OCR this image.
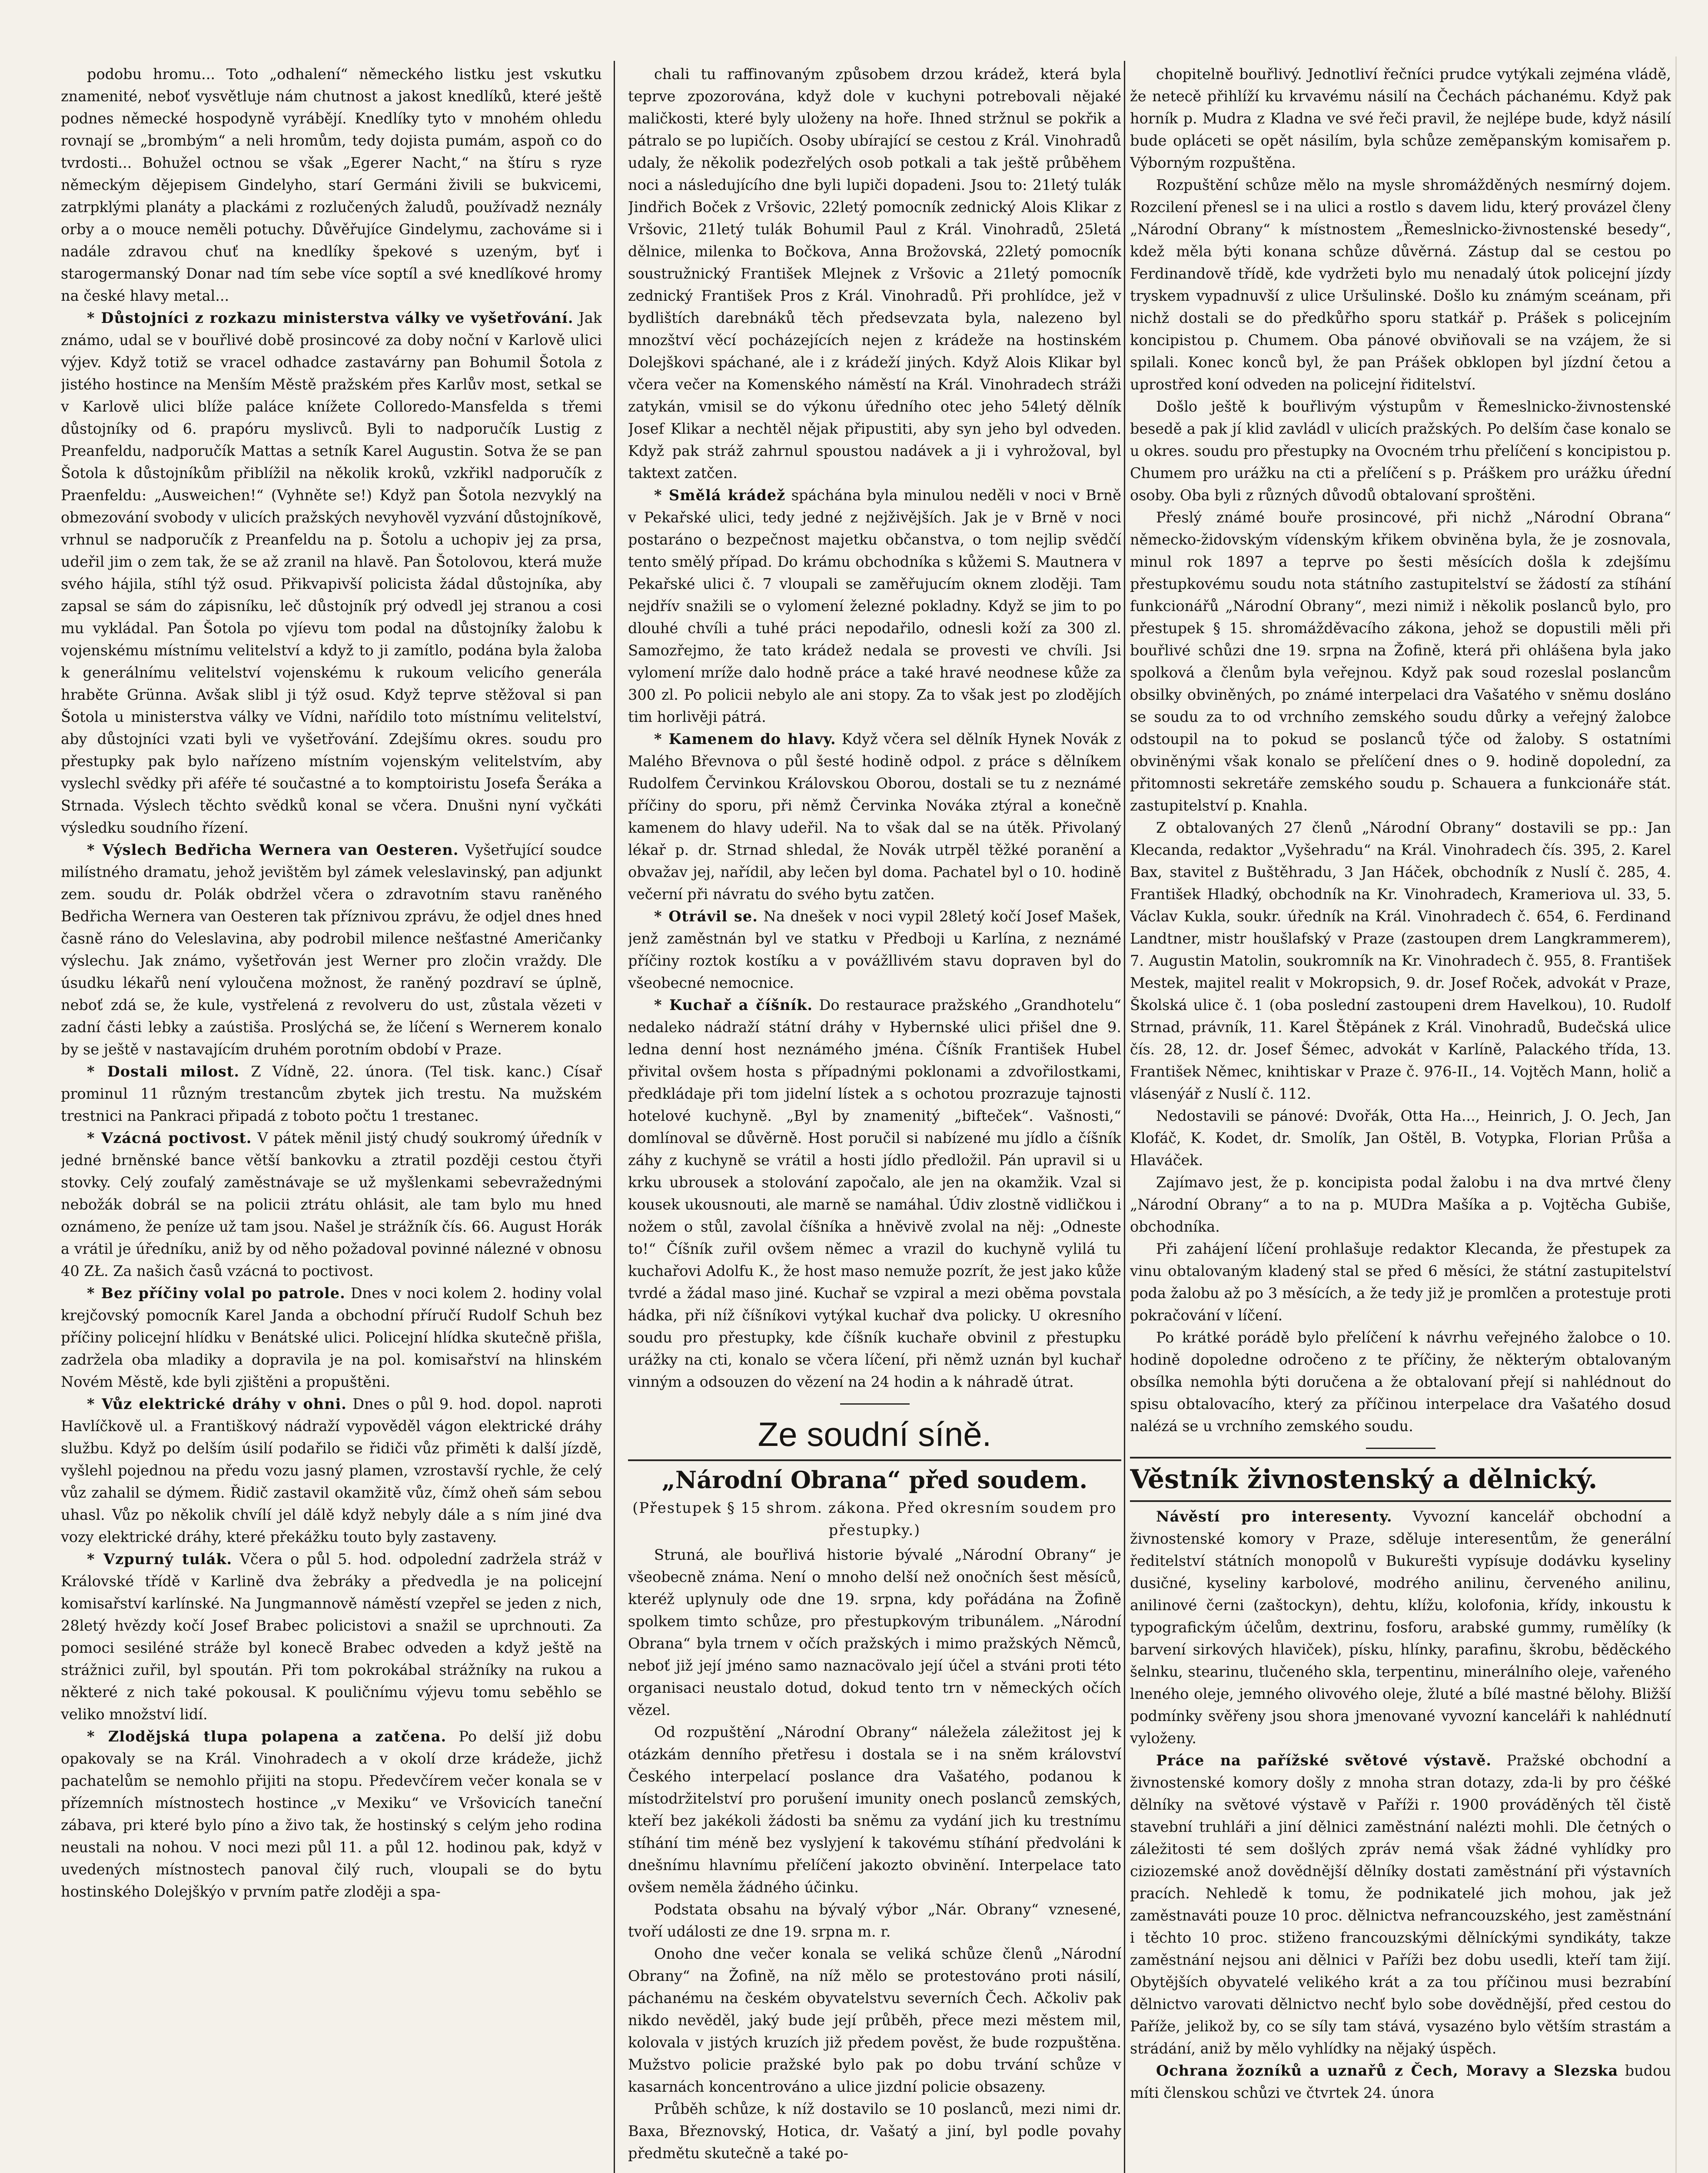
podobu hromu... Toto „odhalení“ německého listku jest vskutku znamenité, neboť vysvětluje nám chutnost a jakost knedlíků, které ještě podnes německé hospodyně vyrábějí. Knedlíky tyto v mnohém ohledu rovnají se „brombým“ a neli hromům, tedy dojista pumám, aspoň co do tvrdosti... Bohužel octnou se však „Egerer Nacht,“ na štíru s ryze německým dějepisem Gindelyho, starí Germáni živili se bukvicemi, zatrpklými planáty a plackámi z rozlučených žaludů, používadž neznály orby a o mouce neměli potuchy. Důvěřujíce Gindelymu, zachováme si i nadále zdravou chuť na knedlíky špekové s uzeným, byť i starogermanský Donar nad tím sebe více soptíl a své knedlíkové hromy na české hlavy metal...

* Důstojníci z rozkazu ministerstva války ve vyšetřování. Jak známo, udal se v bouřlivé době prosincové za doby noční v Karlově ulici výjev. Když totiž se vracel odhadce zastavárny pan Bohumil Šotola z jistého hostince na Menším Městě pražském přes Karlův most, setkal se v Karlově ulici blíže paláce knížete Colloredo-Mansfelda s třemi důstojníky od 6. prapóru myslivců. Byli to nadporučík Lustig z Preanfeldu, nadporučík Mattas a setník Karel Augustin. Sotva že se pan Šotola k důstojníkům přiblížil na několik kroků, vzkřikl nadporučík z Praenfeldu: „Ausweichen!“ (Vyhněte se!) Když pan Šotola nezvyklý na obmezování svobody v ulicích pražských nevyhověl vyzvání důstojníkově, vrhnul se nadporučík z Preanfeldu na p. Šotolu a uchopiv jej za prsa, udeřil jim o zem tak, že se až zranil na hlavě. Pan Šotolovou, která muže svého hájila, stíhl týž osud. Přikvapivší policista žádal důstojníka, aby zapsal se sám do zápisníku, leč důstojník prý odvedl jej stranou a cosi mu vykládal. Pan Šotola po vjíevu tom podal na důstojníky žalobu k vojenskému místnímu velitelství a když to ji zamítlo, podána byla žaloba k generálnímu velitelství vojenskému k rukoum velicího generála hraběte Grünna. Avšak slibl ji týž osud. Když teprve stěžoval si pan Šotola u ministerstva války ve Vídni, nařídilo toto místnímu velitelství, aby důstojníci vzati byli ve vyšetřování. Zdejšímu okres. soudu pro přestupky pak bylo nařízeno místním vojenským velitelstvím, aby vyslechl svědky při aféře té součastné a to komptoiristu Josefa Šeráka a Strnada. Výslech těchto svědků konal se včera. Dnušni nyní vyčkáti výsledku soudního řízení.

* Výslech Bedřicha Wernera van Oesteren. Vyšetřující soudce milístného dramatu, jehož jevištěm byl zámek veleslavinský, pan adjunkt zem. soudu dr. Polák obdržel včera o zdravotním stavu raněného Bedřicha Wernera van Oesteren tak příznivou zprávu, že odjel dnes hned časně ráno do Veleslavina, aby podrobil milence nešťastné Američanky výslechu. Jak známo, vyšetřován jest Werner pro zločin vraždy. Dle úsudku lékařů není vyloučena možnost, že raněný pozdraví se úplně, neboť zdá se, že kule, vystřelená z revolveru do ust, zůstala vězeti v zadní části lebky a zaústiša. Proslýchá se, že líčení s Wernerem konalo by se ještě v nastavajícím druhém porotním období v Praze.

* Dostali milost. Z Vídně, 22. února. (Tel tisk. kanc.) Císař prominul 11 různým trestancům zbytek jich trestu. Na mužském trestnici na Pankraci připadá z toboto počtu 1 trestanec.

* Vzácná poctivost. V pátek měnil jistý chudý soukromý úředník v jedné brněnské bance větší bankovku a ztratil později cestou čtyři stovky. Celý zoufalý zaměstnávaje se už myšlenkami sebevražednými nebožák dobrál se na policii ztrátu ohlásit, ale tam bylo mu hned oznámeno, že peníze už tam jsou. Našel je strážník čís. 66. August Horák a vrátil je úředníku, aniž by od něho požadoval povinné nálezné v obnosu 40 ZŁ. Za našich časů vzácná to poctivost.

* Bez příčiny volal po patrole. Dnes v noci kolem 2. hodiny volal krejčovský pomocník Karel Janda a obchodní příručí Rudolf Schuh bez příčiny policejní hlídku v Benátské ulici. Policejní hlídka skutečně přišla, zadržela oba mladiky a dopravila je na pol. komisařství na hlinském Novém Městě, kde byli zjištěni a propuštěni.

* Vůz elektrické dráhy v ohni. Dnes o půl 9. hod. dopol. naproti Havlíčkově ul. a Františkový nádraží vypověděl vágon elektrické dráhy službu. Když po delším úsilí podařilo se řidiči vůz přiměti k další jízdě, vyšlehl pojednou na předu vozu jasný plamen, vzrostavší rychle, že celý vůz zahalil se dýmem. Řidič zastavil okamžitě vůz, čímž oheň sám sebou uhasl. Vůz po několik chvílí jel dálě když nebyly dále a s ním jiné dva vozy elektrické dráhy, které překážku touto byly zastaveny.

* Vzpurný tulák. Včera o půl 5. hod. odpolední zadržela stráž v Královské třídě v Karlině dva žebráky a předvedla je na policejní komisařství karlínské. Na Jungmannově náměstí vzepřel se jeden z nich, 28letý hvězdy kočí Josef Brabec policistovi a snažil se uprchnouti. Za pomoci sesiléné stráže byl konecě Brabec odveden a když ještě na strážnici zuřil, byl spoután. Při tom pokrokábal strážníky na rukou a některé z nich také pokousal. K pouličnímu výjevu tomu seběhlo se veliko množství lidí.

* Zlodějská tlupa polapena a zatčena. Po delší již dobu opakovaly se na Král. Vinohradech a v okolí drze krádeže, jichž pachatelům se nemohlo přijiti na stopu. Předevčírem večer konala se v přízemních místnostech hostince „v Mexiku“ ve Vršovicích taneční zábava, pri které bylo píno a živo tak, že hostinský s celým jeho rodina neustali na nohou. V noci mezi půl 11. a půl 12. hodinou pak, když v uvedených místnostech panoval čilý ruch, vloupali se do bytu hostinského Dolejškýo v prvním patře zloději a spa-

chali tu raffinovaným způsobem drzou krádež, která byla teprve zpozorována, když dole v kuchyni potrebovali nějaké maličkosti, které byly uloženy na hoře. Ihned stržnul se pokřik a pátralo se po lupičích. Osoby ubírající se cestou z Král. Vinohradů udaly, že několik podezřelých osob potkali a tak ještě průběhem noci a následujícího dne byli lupiči dopadeni. Jsou to: 21letý tulák Jindřich Boček z Vršovic, 22letý pomocník zednický Alois Klikar z Vršovic, 21letý tulák Bohumil Paul z Král. Vinohradů, 25letá dělnice, milenka to Bočkova, Anna Brožovská, 22letý pomocník soustružnický František Mlejnek z Vršovic a 21letý pomocník zednický František Pros z Král. Vinohradů. Při prohlídce, jež v bydlištích darebnáků těch předsevzata byla, nalezeno byl mnozštví věcí pocházejících nejen z krádeže na hostinském Dolejškovi spáchané, ale i z krádeží jiných. Když Alois Klikar byl včera večer na Komenského náměstí na Král. Vinohradech stráži zatykán, vmisil se do výkonu úředního otec jeho 54letý dělník Josef Klikar a nechtěl nějak připustiti, aby syn jeho byl odveden. Když pak stráž zahrnul spoustou nadávek a ji i vyhrožoval, byl taktext zatčen.

* Smělá krádež spáchána byla minulou neděli v noci v Brně v Pekařské ulici, tedy jedné z nejživějších. Jak je v Brně v noci postaráno o bezpečnost majetku občanstva, o tom nejlip svědčí tento smělý případ. Do krámu obchodníka s kůžemi S. Mautnera v Pekařské ulici č. 7 vloupali se zaměřujucím oknem zloději. Tam nejdřív snažili se o vylomení železné pokladny. Když se jim to po dlouhé chvíli a tuhé práci nepodařilo, odnesli koží za 300 zl. Samozřejmo, že tato krádež nedala se provesti ve chvíli. Jsi vylomení mríže dalo hodně práce a také hravé neodnese kůže za 300 zl. Po policii nebylo ale ani stopy. Za to však jest po zlodějích tim horlivěji pátrá.

* Kamenem do hlavy. Když včera sel dělník Hynek Novák z Malého Břevnova o půl šesté hodině odpol. z práce s dělníkem Rudolfem Červinkou Královskou Oborou, dostali se tu z neznámé příčiny do sporu, při němž Červinka Nováka ztýral a konečně kamenem do hlavy udeřil. Na to však dal se na útěk. Přivolaný lékař p. dr. Strnad shledal, že Novák utrpěl těžké poranění a obvažav jej, nařídil, aby lečen byl doma. Pachatel byl o 10. hodině večerní při návratu do svého bytu zatčen.

* Otrávil se. Na dnešek v noci vypil 28letý kočí Josef Mašek, jenž zaměstnán byl ve statku v Předboji u Karlína, z neznámé příčiny roztok kostíku a v povážllivém stavu dopraven byl do všeobecné nemocnice.

* Kuchař a číšník. Do restaurace pražského „Grandhotelu“ nedaleko nádraží státní dráhy v Hybernské ulici přišel dne 9. ledna denní host neznámého jména. Číšník František Hubel přivital ovšem hosta s případnými poklonami a zdvořilostkami, předkládaje při tom jidelní lístek a s ochotou prozrazuje tajnosti hotelové kuchyně. „Byl by znamenitý „bifteček“. Vašnosti,“ domlínoval se důvěrně. Host poručil si nabízené mu jídlo a číšník záhy z kuchyně se vrátil a hosti jídlo předložil. Pán upravil si u krku ubrousek a stolování započalo, ale jen na okamžik. Vzal si kousek ukousnouti, ale marně se namáhal. Údiv zlostně vidličkou i nožem o stůl, zavolal číšníka a hněvivě zvolal na něj: „Odneste to!“ Číšník zuřil ovšem němec a vrazil do kuchyně vylilá tu kuchařovi Adolfu K., že host maso nemuže pozrít, že jest jako kůže tvrdé a žádal maso jiné. Kuchař se vzpiral a mezi oběma povstala hádka, při níž číšníkovi vytýkal kuchař dva policky. U okresního soudu pro přestupky, kde číšník kuchaře obvinil z přestupku urážky na cti, konalo se včera líčení, při němž uznán byl kuchař vinným a odsouzen do vězení na 24 hodin a k náhradě útrat.

Ze soudní síně.
„Národní Obrana“ před soudem.

(Přestupek § 15 shrom. zákona. Před okresním soudem pro přestupky.)

Struná, ale bouřlivá historie bývalé „Národní Obrany“ je všeobecně známa. Není o mnoho delší než onočních šest měsíců, kteréž uplynuly ode dne 19. srpna, kdy pořádána na Žofině spolkem timto schůze, pro přestupkovým tribunálem. „Národní Obrana“ byla trnem v očích pražských i mimo pražských Němců, neboť již její jméno samo naznacövalo její účel a stváni proti této organisaci neustalo dotud, dokud tento trn v německých očích vězel.

Od rozpuštění „Národní Obrany“ náležela záležitost jej k otázkám denního přetřesu i dostala se i na sněm království Českého interpelací poslance dra Vašatého, podanou k místodržitelství pro porušení imunity onech poslanců zemských, kteří bez jakékoli žádosti ba sněmu za vydání jich ku trestnímu stíhání tim méně bez vyslyjení k takovému stíhání předvoláni k dnešnímu hlavnímu přelíčení jakozto obvinění. Interpelace tato ovšem neměla žádného účinku.

Podstata obsahu na bývalý výbor „Nár. Obrany“ vznesené, tvoří události ze dne 19. srpna m. r.

Onoho dne večer konala se veliká schůze členů „Národní Obrany“ na Žofině, na níž mělo se protestováno proti násilí, páchanému na českém obyvatelstvu severních Čech. Ačkoliv pak nikdo nevěděl, jaký bude její průběh, přece mezi městem mil, kolovala v jistých kruzích již předem pověst, že bude rozpuštěna. Mužstvo policie pražské bylo pak po dobu trvání schůze v kasarnách koncentrováno a ulice jizdní policie obsazeny.

Průběh schůze, k níž dostavilo se 10 poslanců, mezi nimi dr. Baxa, Březnovský, Hotica, dr. Vašatý a jiní, byl podle povahy předmětu skutečně a také po-

chopitelně bouřlivý. Jednotliví řečníci prudce vytýkali zejména vládě, že netecě přihlíží ku krvavému násilí na Čechách páchanému. Když pak horník p. Mudra z Kladna ve své řeči pravil, že nejlépe bude, když násilí bude opláceti se opět násilím, byla schůze zeměpanským komisařem p. Výborným rozpuštěna.

Rozpuštění schůze mělo na mysle shromážděných nesmírný dojem. Rozcilení přenesl se i na ulici a rostlo s davem lidu, který provázel členy „Národní Obrany“ k místnostem „Řemeslnicko-živnostenské besedy“, kdež měla býti konana schůze důvěrná. Zástup dal se cestou po Ferdinandově třídě, kde vydržeti bylo mu nenadalý útok policejní jízdy tryskem vypadnuvší z ulice Uršulinské. Došlo ku známým sceánam, při nichž dostali se do předkůřho sporu statkář p. Prášek s policejním koncipistou p. Chumem. Oba pánové obviňovali se na vzájem, že si spilali. Konec konců byl, že pan Prášek obklopen byl jízdní četou a uprostřed koní odveden na policejní řiditelství.

Došlo ještě k bouřlivým výstupům v Řemeslnicko-živnostenské besedě a pak jí klid zavládl v ulicích pražských. Po delším čase konalo se u okres. soudu pro přestupky na Ovocném trhu přelíčení s koncipistou p. Chumem pro urážku na cti a přelíčení s p. Práškem pro urážku úřední osoby. Oba byli z různých důvodů obtalovaní sproštěni.

Přeslý známé bouře prosincové, při nichž „Národní Obrana“ německo-židovským vídenským křikem obviněna byla, že je zosnovala, minul rok 1897 a teprve po šesti měsících došla k zdejšímu přestupkovému soudu nota státního zastupitelství se žádostí za stíhání funkcionářů „Národní Obrany“, mezi nimiž i několik poslanců bylo, pro přestupek § 15. shromážděvacího zákona, jehož se dopustili měli při bouřlivé schůzi dne 19. srpna na Žofině, která při ohlášena byla jako spolková a členům byla veřejnou. Když pak soud rozeslal poslancům obsilky obviněných, po známé interpelaci dra Vašatého v sněmu dosláno se soudu za to od vrchního zemského soudu důrky a veřejný žalobce odstoupil na to pokud se poslanců týče od žaloby. S ostatními obviněnými však konalo se přelíčení dnes o 9. hodině dopolední, za přitomnosti sekretáře zemského soudu p. Schauera a funkcionáře stát. zastupitelství p. Knahla.

Z obtalovaných 27 členů „Národní Obrany“ dostavili se pp.: Jan Klecanda, redaktor „Vyšehradu“ na Král. Vinohradech čís. 395, 2. Karel Bax, stavitel z Buštěhradu, 3 Jan Háček, obchodník z Nuslí č. 285, 4. František Hladký, obchodník na Kr. Vinohradech, Krameriova ul. 33, 5. Václav Kukla, soukr. úředník na Král. Vinohradech č. 654, 6. Ferdinand Landtner, mistr houšlafský v Praze (zastoupen drem Langkrammerem), 7. Augustin Matolin, soukromník na Kr. Vinohradech č. 955, 8. František Mestek, majitel realit v Mokropsich, 9. dr. Josef Roček, advokát v Praze, Školská ulice č. 1 (oba poslední zastoupeni drem Havelkou), 10. Rudolf Strnad, právník, 11. Karel Štěpánek z Král. Vinohradů, Budečská ulice čís. 28, 12. dr. Josef Šémec, advokát v Karlíně, Palackého třída, 13. František Němec, knihtiskar v Praze č. 976-II., 14. Vojtěch Mann, holič a vlásenýář z Nuslí č. 112.

Nedostavili se pánové: Dvořák, Otta Ha..., Heinrich, J. O. Jech, Jan Klofáč, K. Kodet, dr. Smolík, Jan Oštěl, B. Votypka, Florian Průša a Hlaváček.

Zajímavo jest, že p. koncipista podal žalobu i na dva mrtvé členy „Národní Obrany“ a to na p. MUDra Mašíka a p. Vojtěcha Gubiše, obchodníka.

Při zahájení líčení prohlašuje redaktor Klecanda, že přestupek za vinu obtalovaným kladený stal se před 6 měsíci, že státní zastupitelství poda žalobu až po 3 měsících, a že tedy již je promlčen a protestuje proti pokračování v líčení.

Po krátké porádě bylo přelíčení k návrhu veřejného žalobce o 10. hodině dopoledne odročeno z te příčiny, že některým obtalovaným obsílka nemohla býti doručena a že obtalovaní přejí si nahlédnout do spisu obtalovacího, který za příčinou interpelace dra Vašatého dosud nalézá se u vrchního zemského soudu.

Věstník živnostenský a dělnický.

Návěstí pro interesenty. Vyvozní kancelář obchodní a živnostenské komory v Praze, sděluje interesentům, že generální ředitelství státních monopolů v Bukurešti vypísuje dodávku kyseliny dusičné, kyseliny karbolové, modrého anilinu, červeného anilinu, anilinové černi (zaštockyn), dehtu, klížu, kolofonia, křídy, inkoustu k typografickým účelům, dextrinu, fosforu, arabské gummy, rumělíky (k barvení sirkových hlaviček), písku, hlínky, parafinu, škrobu, běděckého šelnku, stearinu, tlučeného skla, terpentinu, minerálního oleje, vařeného lneného oleje, jemného olivového oleje, žluté a bílé mastné bělohy. Bližší podmínky svěřeny jsou shora jmenované vyvozní kanceláři k nahlédnutí vyloženy.

Práce na pařížské světové výstavě. Pražské obchodní a živnostenské komory došly z mnoha stran dotazy, zda-li by pro čéšké dělníky na světové výstavě v Paříži r. 1900 prováděných těl čistě stavební truhláři a jiní dělnici zaměstnání nalézti mohli. Dle četných o záležitosti té sem došlých zpráv nemá však žádné vyhlídky pro ciziozemské anož dovědnější dělníky dostati zaměstnání při výstavních pracích. Nehledě k tomu, že podnikatelé jich mohou, jak jež zaměstnaváti pouze 10 proc. dělnictva nefrancouzského, jest zaměstnání i těchto 10 proc. stiženo francouzskými dělníckými syndikáty, takze zaměstnání nejsou ani dělnici v Paříži bez dobu usedli, kteří tam žijí. Obytějších obyvatelé velikého krát a za tou příčinou musi bezrabíní dělnictvo varovati dělnictvo nechť bylo sobe dovědnější, před cestou do Paříže, jelikož by, co se síly tam stává, vysazéno bylo větším strastám a strádání, aniž by mělo vyhlídky na nějaký úspěch.

Ochrana žozníků a uznařů z Čech, Moravy a Slezska budou míti členskou schůzi ve čtvrtek 24. února
